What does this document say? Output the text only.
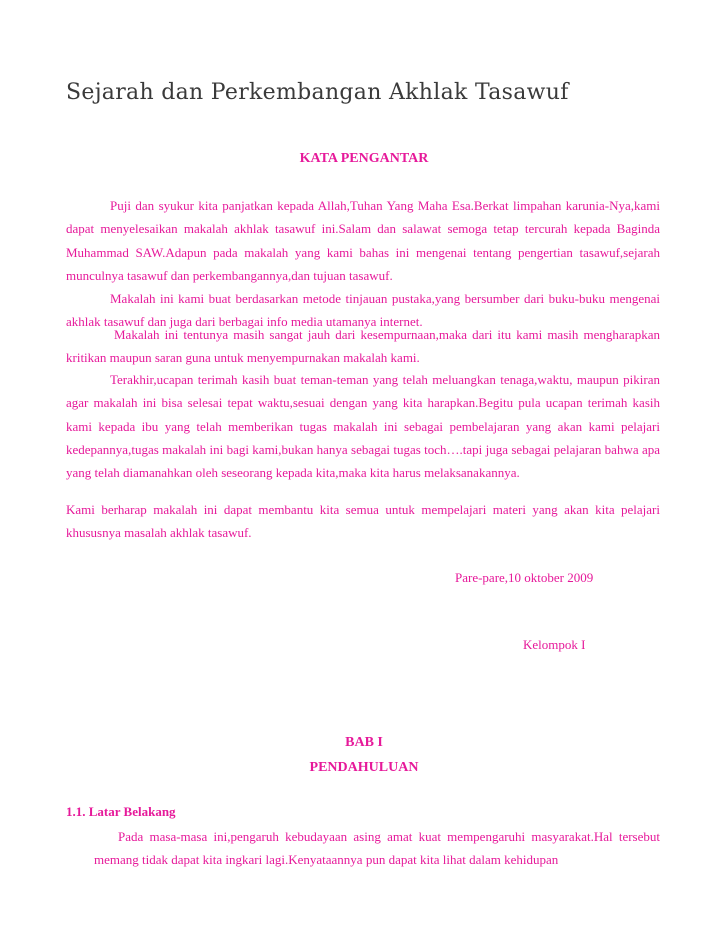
Sejarah dan Perkembangan Akhlak Tasawuf
KATA PENGANTAR
Puji dan syukur kita panjatkan kepada Allah,Tuhan Yang Maha Esa.Berkat limpahan karunia-Nya,kami dapat menyelesaikan makalah akhlak tasawuf ini.Salam dan salawat semoga tetap tercurah kepada Baginda Muhammad SAW.Adapun pada makalah yang kami bahas ini mengenai tentang pengertian tasawuf,sejarah munculnya tasawuf dan perkembangannya,dan tujuan tasawuf.
Makalah ini kami buat berdasarkan metode tinjauan pustaka,yang bersumber dari buku-buku mengenai akhlak tasawuf dan juga dari berbagai info media utamanya internet.
Makalah ini tentunya masih sangat jauh dari kesempurnaan,maka dari itu kami masih mengharapkan kritikan maupun saran guna untuk menyempurnakan makalah kami.
Terakhir,ucapan terimah kasih buat teman-teman yang telah meluangkan tenaga,waktu, maupun pikiran agar makalah ini bisa selesai tepat waktu,sesuai dengan yang kita harapkan.Begitu pula ucapan terimah kasih kami kepada ibu yang telah memberikan tugas makalah ini sebagai pembelajaran yang akan kami pelajari kedepannya,tugas makalah ini bagi kami,bukan hanya sebagai tugas toch….tapi juga sebagai pelajaran bahwa apa yang telah diamanahkan oleh seseorang kepada kita,maka kita harus melaksanakannya.
Kami berharap makalah ini dapat membantu kita semua untuk mempelajari materi yang akan kita pelajari khususnya masalah akhlak tasawuf.
Pare-pare,10 oktober 2009
Kelompok I
BAB I
PENDAHULUAN
1.1. Latar Belakang
Pada masa-masa ini,pengaruh kebudayaan asing amat kuat mempengaruhi masyarakat.Hal tersebut memang tidak dapat kita ingkari lagi.Kenyataannya pun dapat kita lihat dalam kehidupan
